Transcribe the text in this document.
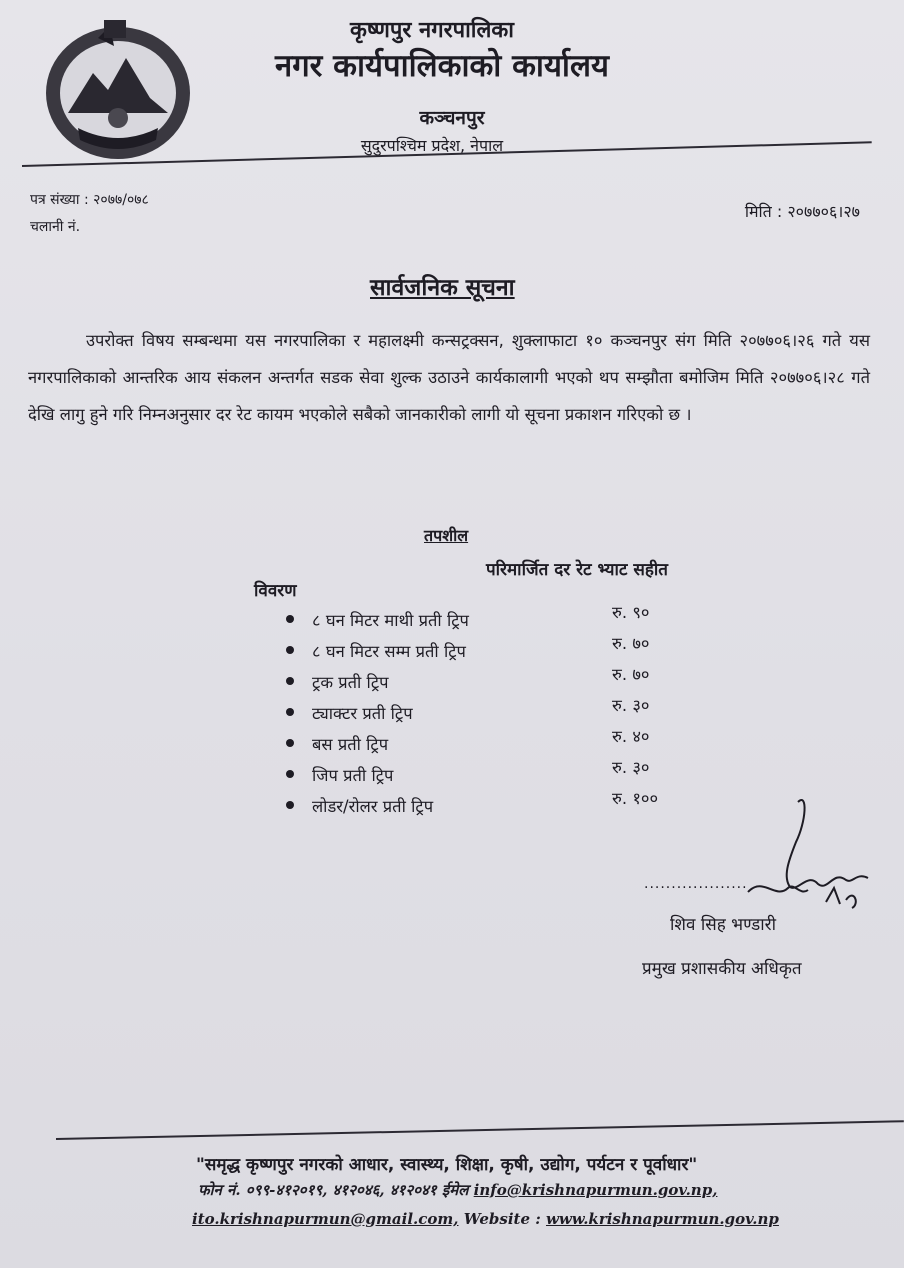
कृष्णपुर नगरपालिका
नगर कार्यपालिकाको कार्यालय
कञ्चनपुर
सुदुरपश्चिम प्रदेश, नेपाल
पत्र संख्या : २०७७/०७८
चलानी नं.
मिति : २०७७०६।२७
सार्वजनिक सूचना
उपरोक्त विषय सम्बन्धमा यस नगरपालिका र महालक्ष्मी कन्सट्रक्सन, शुक्लाफाटा १० कञ्चनपुर संग मिति २०७७०६।२६ गते यस नगरपालिकाको आन्तरिक आय संकलन अन्तर्गत सडक सेवा शुल्क उठाउने कार्यकालागी भएको थप सम्झौता बमोजिम मिति २०७७०६।२८ गते देखि लागु हुने गरि निम्नअनुसार दर रेट कायम भएकोले सबैको जानकारीको लागी यो सूचना प्रकाशन गरिएको छ ।
तपशील
विवरण
परिमार्जित दर रेट भ्याट सहीत
८ घन मिटर माथी प्रती ट्रिप	रु. ९०
८ घन मिटर सम्म प्रती ट्रिप	रु. ७०
ट्रक प्रती ट्रिप	रु. ७०
ट्याक्टर प्रती ट्रिप	रु. ३०
बस प्रती ट्रिप	रु. ४०
जिप प्रती ट्रिप	रु. ३०
लोडर/रोलर प्रती ट्रिप	रु. १००
...................
शिव सिह भण्डारी
प्रमुख प्रशासकीय अधिकृत
"समृद्ध कृष्णपुर नगरको आधार, स्वास्थ्य, शिक्षा, कृषी, उद्योग, पर्यटन र पूर्वाधार"
फोन नं. ०९९-४१२०१९, ४१२०४६, ४१२०४१ ईमेल info@krishnapurmun.gov.np,
ito.krishnapurmun@gmail.com, Website : www.krishnapurmun.gov.np
